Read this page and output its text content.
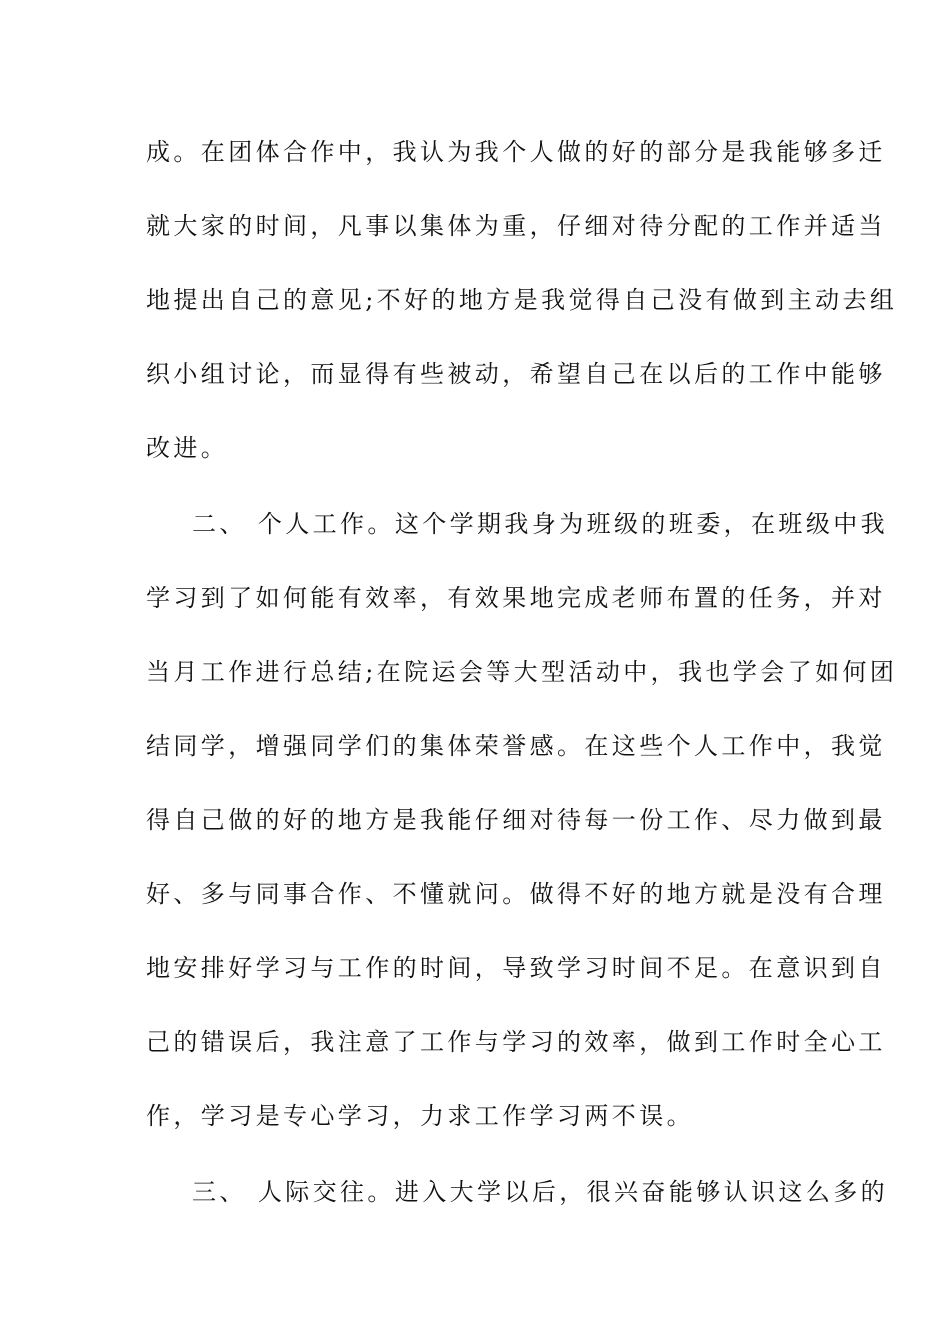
成。在团体合作中，我认为我个人做的好的部分是我能够多迁
就大家的时间，凡事以集体为重，仔细对待分配的工作并适当
地提出自己的意见;不好的地方是我觉得自己没有做到主动去组
织小组讨论，而显得有些被动，希望自己在以后的工作中能够
改进。
二、 个人工作。这个学期我身为班级的班委，在班级中我
学习到了如何能有效率，有效果地完成老师布置的任务，并对
当月工作进行总结;在院运会等大型活动中，我也学会了如何团
结同学，增强同学们的集体荣誉感。在这些个人工作中，我觉
得自己做的好的地方是我能仔细对待每一份工作、尽力做到最
好、多与同事合作、不懂就问。做得不好的地方就是没有合理
地安排好学习与工作的时间，导致学习时间不足。在意识到自
己的错误后，我注意了工作与学习的效率，做到工作时全心工
作，学习是专心学习，力求工作学习两不误。
三、 人际交往。进入大学以后，很兴奋能够认识这么多的
